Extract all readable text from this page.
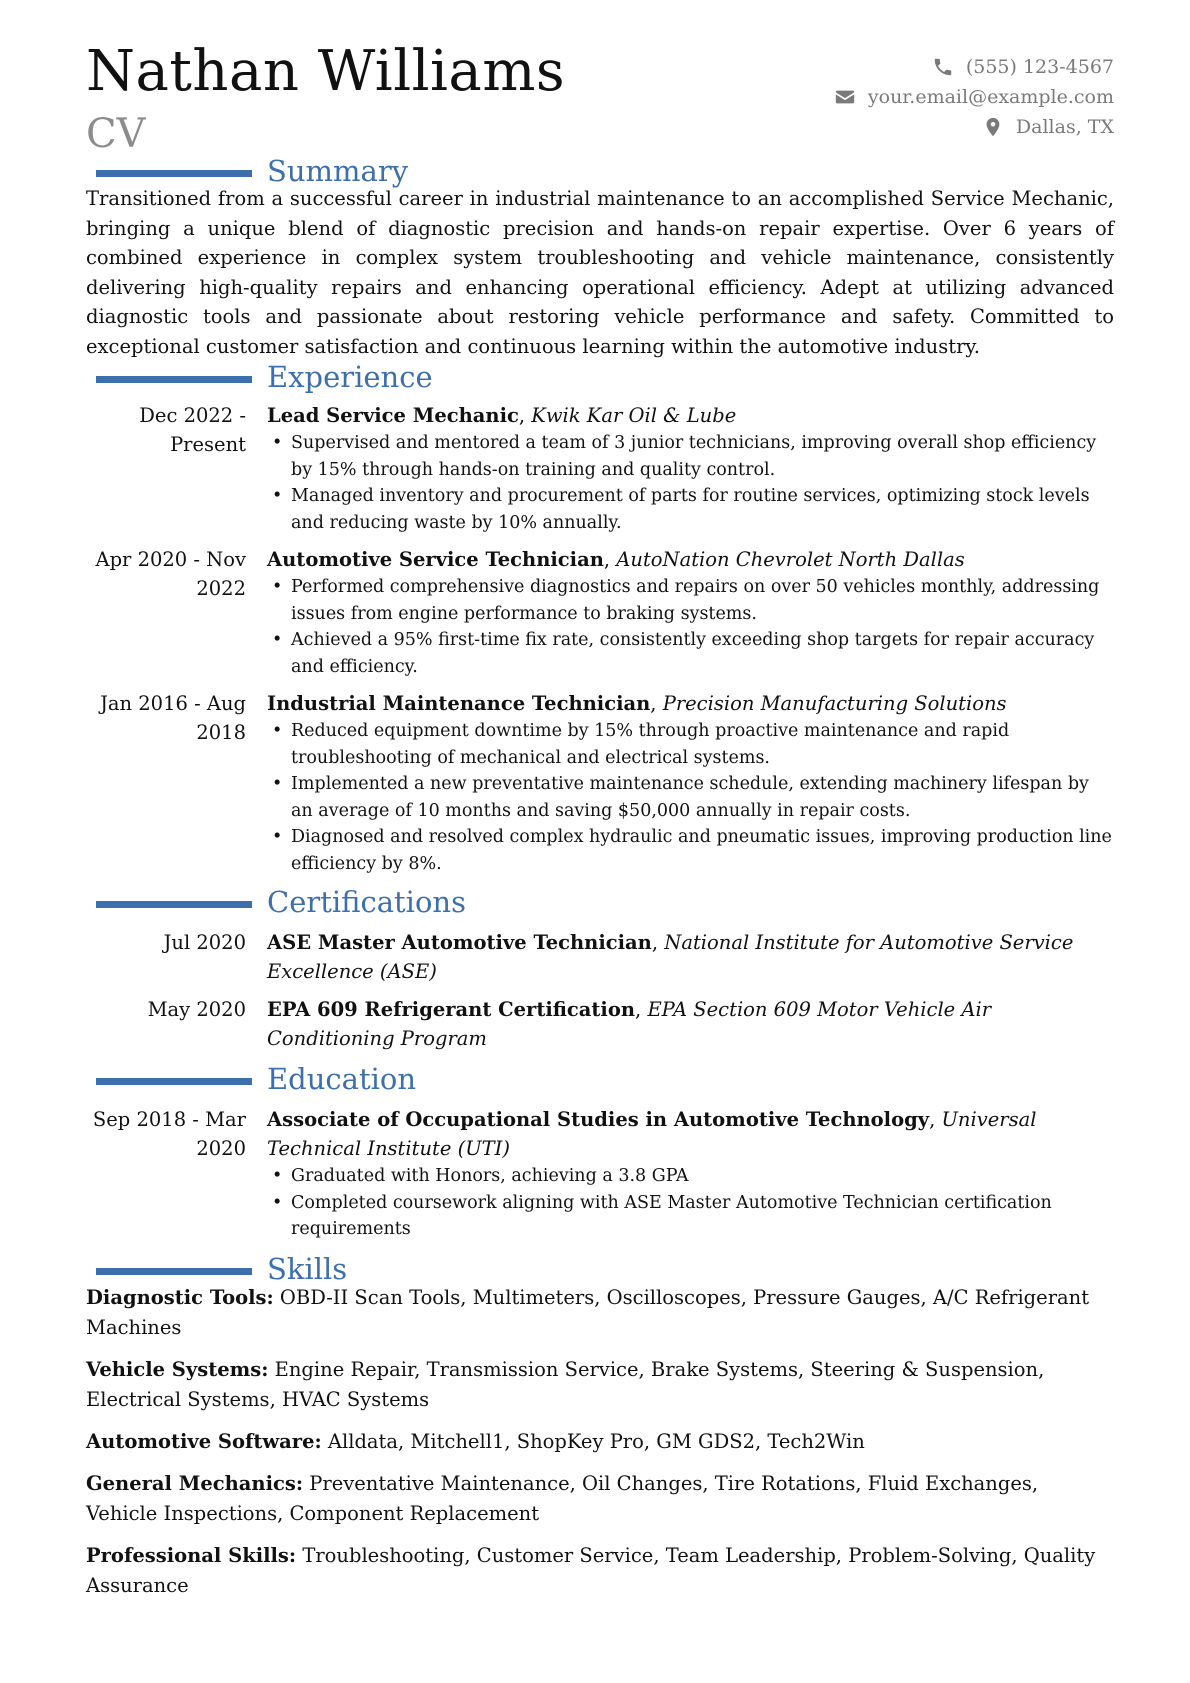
Nathan Williams
CV
(555) 123-4567
your.email@example.com
Dallas, TX
Summary
Transitioned from a successful career in industrial maintenance to an accomplished Service Mechanic, bringing a unique blend of diagnostic precision and hands-on repair expertise. Over 6 years of combined experience in complex system troubleshooting and vehicle maintenance, consistently delivering high-quality repairs and enhancing operational efficiency. Adept at utilizing advanced diagnostic tools and passionate about restoring vehicle performance and safety. Committed to exceptional customer satisfaction and continuous learning within the automotive industry.
Experience
Dec 2022 - Present
Lead Service Mechanic, Kwik Kar Oil & Lube
• Supervised and mentored a team of 3 junior technicians, improving overall shop efficiency by 15% through hands-on training and quality control.
• Managed inventory and procurement of parts for routine services, optimizing stock levels and reducing waste by 10% annually.
Apr 2020 - Nov 2022
Automotive Service Technician, AutoNation Chevrolet North Dallas
• Performed comprehensive diagnostics and repairs on over 50 vehicles monthly, addressing issues from engine performance to braking systems.
• Achieved a 95% first-time fix rate, consistently exceeding shop targets for repair accuracy and efficiency.
Jan 2016 - Aug 2018
Industrial Maintenance Technician, Precision Manufacturing Solutions
• Reduced equipment downtime by 15% through proactive maintenance and rapid troubleshooting of mechanical and electrical systems.
• Implemented a new preventative maintenance schedule, extending machinery lifespan by an average of 10 months and saving $50,000 annually in repair costs.
• Diagnosed and resolved complex hydraulic and pneumatic issues, improving production line efficiency by 8%.
Certifications
Jul 2020 ASE Master Automotive Technician, National Institute for Automotive Service Excellence (ASE)
May 2020 EPA 609 Refrigerant Certification, EPA Section 609 Motor Vehicle Air Conditioning Program
Education
Sep 2018 - Mar 2020
Associate of Occupational Studies in Automotive Technology, Universal Technical Institute (UTI)
• Graduated with Honors, achieving a 3.8 GPA
• Completed coursework aligning with ASE Master Automotive Technician certification requirements
Skills
Diagnostic Tools: OBD-II Scan Tools, Multimeters, Oscilloscopes, Pressure Gauges, A/C Refrigerant Machines
Vehicle Systems: Engine Repair, Transmission Service, Brake Systems, Steering & Suspension, Electrical Systems, HVAC Systems
Automotive Software: Alldata, Mitchell1, ShopKey Pro, GM GDS2, Tech2Win
General Mechanics: Preventative Maintenance, Oil Changes, Tire Rotations, Fluid Exchanges, Vehicle Inspections, Component Replacement
Professional Skills: Troubleshooting, Customer Service, Team Leadership, Problem-Solving, Quality Assurance
